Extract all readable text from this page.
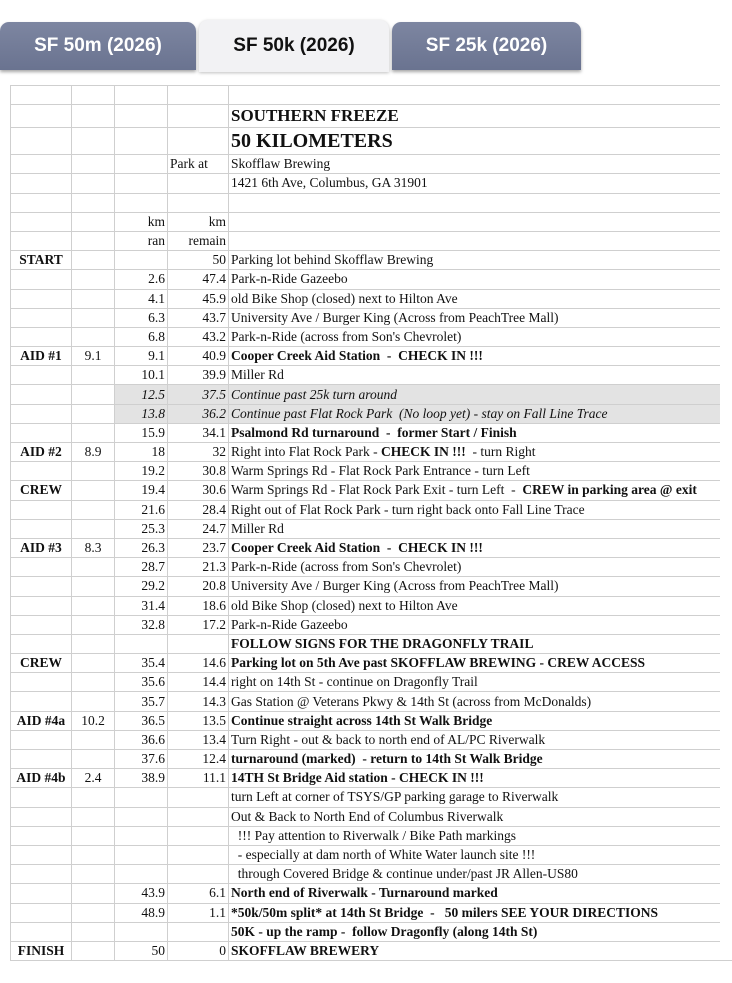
SF 50m (2026)	SF 50k (2026)	SF 25k (2026)

				SOUTHERN FREEZE
				50 KILOMETERS
			Park at	Skofflaw Brewing
				1421 6th Ave, Columbus, GA 31901

		km	km	
		ran	remain	
START			50	Parking lot behind Skofflaw Brewing
		2.6	47.4	Park-n-Ride Gazeebo
		4.1	45.9	old Bike Shop (closed) next to Hilton Ave
		6.3	43.7	University Ave / Burger King (Across from PeachTree Mall)
		6.8	43.2	Park-n-Ride (across from Son's Chevrolet)
AID #1	9.1	9.1	40.9	Cooper Creek Aid Station  -  CHECK IN !!!
		10.1	39.9	Miller Rd
		12.5	37.5	Continue past 25k turn around
		13.8	36.2	Continue past Flat Rock Park  (No loop yet) - stay on Fall Line Trace
		15.9	34.1	Psalmond Rd turnaround  -  former Start / Finish
AID #2	8.9	18	32	Right into Flat Rock Park - CHECK IN !!!  - turn Right
		19.2	30.8	Warm Springs Rd - Flat Rock Park Entrance - turn Left
CREW		19.4	30.6	Warm Springs Rd - Flat Rock Park Exit - turn Left  -  CREW in parking area @ exit
		21.6	28.4	Right out of Flat Rock Park - turn right back onto Fall Line Trace
		25.3	24.7	Miller Rd
AID #3	8.3	26.3	23.7	Cooper Creek Aid Station  -  CHECK IN !!!
		28.7	21.3	Park-n-Ride (across from Son's Chevrolet)
		29.2	20.8	University Ave / Burger King (Across from PeachTree Mall)
		31.4	18.6	old Bike Shop (closed) next to Hilton Ave
		32.8	17.2	Park-n-Ride Gazeebo
				FOLLOW SIGNS FOR THE DRAGONFLY TRAIL
CREW		35.4	14.6	Parking lot on 5th Ave past SKOFFLAW BREWING - CREW ACCESS
		35.6	14.4	right on 14th St - continue on Dragonfly Trail
		35.7	14.3	Gas Station @ Veterans Pkwy & 14th St (across from McDonalds)
AID #4a	10.2	36.5	13.5	Continue straight across 14th St Walk Bridge
		36.6	13.4	Turn Right - out & back to north end of AL/PC Riverwalk
		37.6	12.4	turnaround (marked)  - return to 14th St Walk Bridge
AID #4b	2.4	38.9	11.1	14TH St Bridge Aid station - CHECK IN !!!
				turn Left at corner of TSYS/GP parking garage to Riverwalk
				Out & Back to North End of Columbus Riverwalk
				!!! Pay attention to Riverwalk / Bike Path markings
				- especially at dam north of White Water launch site !!!
				through Covered Bridge & continue under/past JR Allen-US80
		43.9	6.1	North end of Riverwalk - Turnaround marked
		48.9	1.1	*50k/50m split* at 14th St Bridge  -   50 milers SEE YOUR DIRECTIONS
				50K - up the ramp -  follow Dragonfly (along 14th St)
FINISH		50	0	SKOFFLAW BREWERY
